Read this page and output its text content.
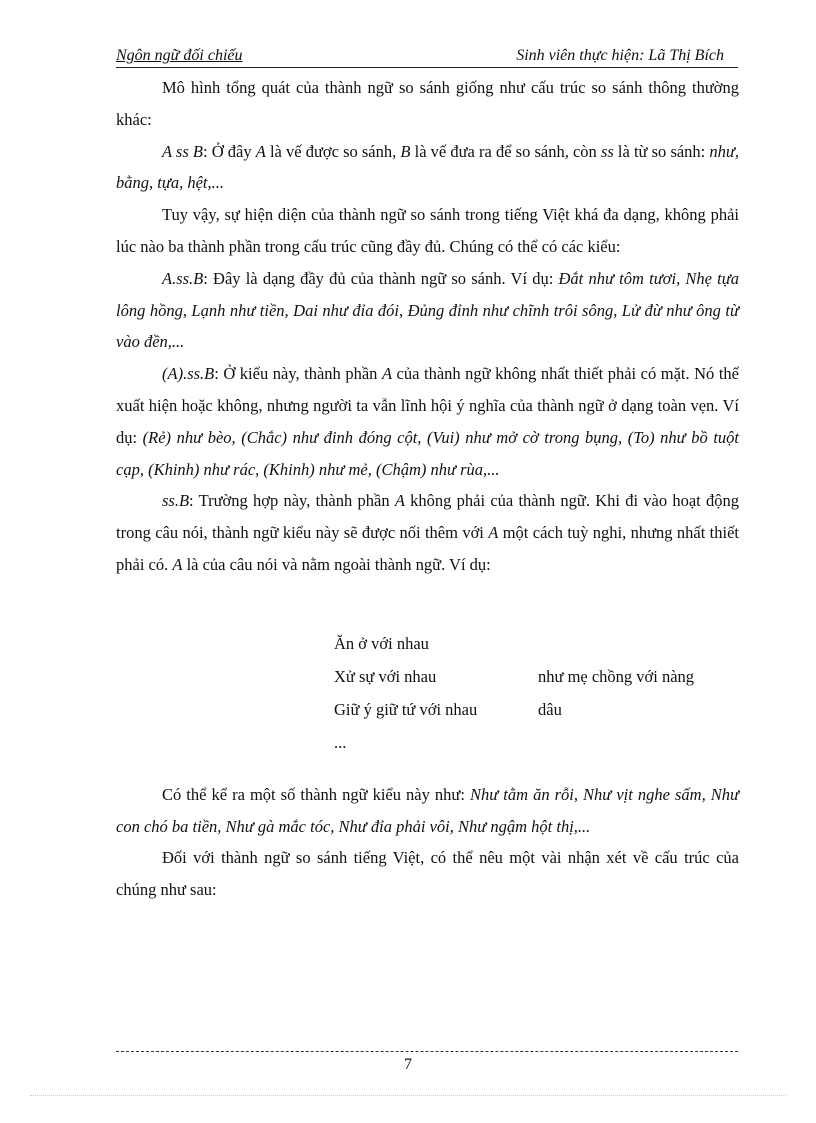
Ngôn ngữ đối chiếu	Sinh viên thực hiện: Lã Thị Bích

Mô hình tổng quát của thành ngữ so sánh giống như cấu trúc so sánh thông thường khác:

A ss B: Ở đây A là vế được so sánh, B là vế đưa ra để so sánh, còn ss là từ so sánh: như, bằng, tựa, hệt,...

Tuy vậy, sự hiện diện của thành ngữ so sánh trong tiếng Việt khá đa dạng, không phải lúc nào ba thành phần trong cấu trúc cũng đầy đủ. Chúng có thể có các kiểu:

A.ss.B: Đây là dạng đầy đủ của thành ngữ so sánh. Ví dụ: Đắt như tôm tươi, Nhẹ tựa lông hồng, Lạnh như tiền, Dai như đỉa đói, Đủng đỉnh như chĩnh trôi sông, Lử đừ như ông từ vào đền,...

(A).ss.B: Ở kiểu này, thành phần A của thành ngữ không nhất thiết phải có mặt. Nó thể xuất hiện hoặc không, nhưng người ta vẫn lĩnh hội ý nghĩa của thành ngữ ở dạng toàn vẹn. Ví dụ: (Rẻ) như bèo, (Chắc) như đinh đóng cột, (Vui) như mở cờ trong bụng, (To) như bồ tuột cạp, (Khinh) như rác, (Khinh) như mẻ, (Chậm) như rùa,...

ss.B: Trường hợp này, thành phần A không phải của thành ngữ. Khi đi vào hoạt động trong câu nói, thành ngữ kiểu này sẽ được nối thêm với A một cách tuỳ nghi, nhưng nhất thiết phải có. A là của câu nói và nằm ngoài thành ngữ. Ví dụ:

Ăn ở với nhau
Xử sự với nhau
Giữ ý giữ tứ với nhau
...
như mẹ chồng với nàng
dâu

Có thể kể ra một số thành ngữ kiểu này như: Như tằm ăn rỗi, Như vịt nghe sấm, Như con chó ba tiền, Như gà mắc tóc, Như đỉa phải vôi, Như ngậm hột thị,...

Đối với thành ngữ so sánh tiếng Việt, có thể nêu một vài nhận xét về cấu trúc của chúng như sau:

7
